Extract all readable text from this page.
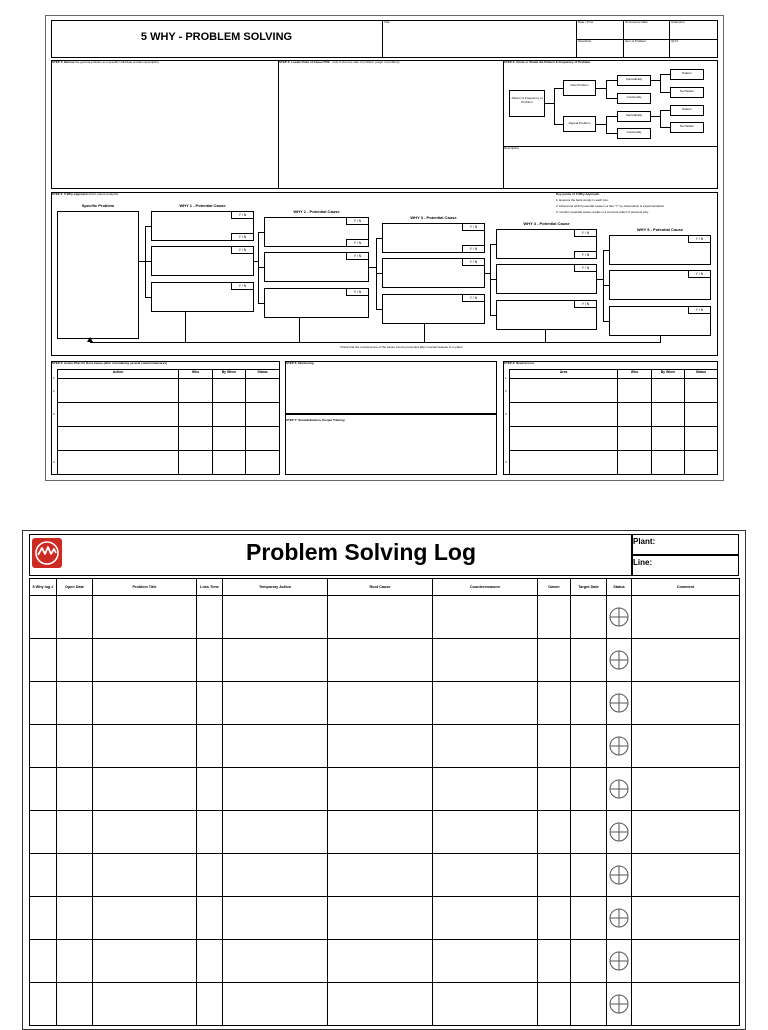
5 WHY - PROBLEM SOLVING
Title	Date / Time	Occurrence Date	Champion
Operation	Item of Problem	QN #
STEP 1: Narrow the general problem to a specific individual problem description	STEP 2: Locate Point of Cause POC - look to the true start of problem (origin of problem)	STEP 3: Circle or Shade the Pattern & Frequency of Problem
Description
Pattern & Frequency of Problem
New Problem
Repeat Problem
Sporadically
Continually
Sporadically
Continually
Pattern
No Pattern
Pattern
No Pattern
STEP 4: 5 Why Approach (Root Cause Analysis)	Key points of 5 Why Approach
1. Express the facts simply in each box
2. Determine which potential cause is a fact "Y" by observation & experimentation
3. Confirm potential cause results in a concrete effect of previous why
Specific Problem	WHY 1 - Potential Cause
WHY 2 - Potential Cause
WHY 3 - Potential Cause
WHY 4 - Potential Cause
WHY 5 - Potential Cause
Y / N
Y / N
Y / N
Y / N
Y / N
Y / N
Y / N
Y / N
Y / N
Y / N
Y / N
Y / N
Y / N
Y / N
Y / N
Y / N
Y / N
Y / N
Y / N
Check that the reoccurrence of the cause can be prevented after countermeasure is in place
STEP 5: Action Plan for Root Cause (after considering several countermeasures)
Action	Who	By When	Status

1
2
3
4
STEP 6: Monitoring
STEP 7: Standardization, People Training
STEP 8: Read Across
Area	Who	By When	Status

1
2
3
4
Problem Solving Log	Plant:
Line:
5 Why log #	Open Date	Problem Title	Loss Time	Temporary Action	Root Cause	Countermeasure	Owner	Target Date	Status	Comment
